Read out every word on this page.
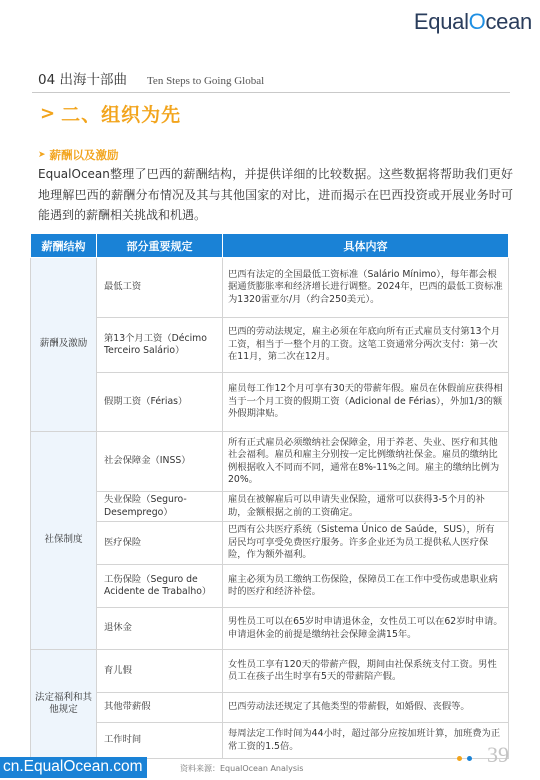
EqualOcean
04 出海十部曲 Ten Steps to Going Global
> 二、组织为先
➤ 薪酬以及激励

EqualOcean整理了巴西的薪酬结构，并提供详细的比较数据。这些数据将帮助我们更好地理解巴西的薪酬分布情况及其与其他国家的对比，进而揭示在巴西投资或开展业务时可能遇到的薪酬相关挑战和机遇。

薪酬结构	部分重要规定	具体内容
薪酬及激励	最低工资	巴西有法定的全国最低工资标准（Salário Mínimo），每年都会根据通货膨胀率和经济增长进行调整。2024年，巴西的最低工资标准为1320雷亚尔/月（约合250美元）。
	第13个月工资（Décimo Terceiro Salário）	巴西的劳动法规定，雇主必须在年底向所有正式雇员支付第13个月工资，相当于一整个月的工资。这笔工资通常分两次支付：第一次在11月，第二次在12月。
	假期工资（Férias）	雇员每工作12个月可享有30天的带薪年假。雇员在休假前应获得相当于一个月工资的假期工资（Adicional de Férias），外加1/3的额外假期津贴。
社保制度	社会保障金（INSS）	所有正式雇员必须缴纳社会保障金，用于养老、失业、医疗和其他社会福利。雇员和雇主分别按一定比例缴纳社保金。雇员的缴纳比例根据收入不同而不同，通常在8%-11%之间。雇主的缴纳比例为20%。
	失业保险（Seguro-Desemprego）	雇员在被解雇后可以申请失业保险，通常可以获得3-5个月的补助，金额根据之前的工资确定。
	医疗保险	巴西有公共医疗系统（Sistema Único de Saúde，SUS），所有居民均可享受免费医疗服务。许多企业还为员工提供私人医疗保险，作为额外福利。
	工伤保险（Seguro de Acidente de Trabalho）	雇主必须为员工缴纳工伤保险，保障员工在工作中受伤或患职业病时的医疗和经济补偿。
	退休金	男性员工可以在65岁时申请退休金，女性员工可以在62岁时申请。申请退休金的前提是缴纳社会保障金满15年。
法定福利和其他规定	育儿假	女性员工享有120天的带薪产假，期间由社保系统支付工资。男性员工在孩子出生时享有5天的带薪陪产假。
	其他带薪假	巴西劳动法还规定了其他类型的带薪假，如婚假、丧假等。
	工作时间	每周法定工作时间为44小时，超过部分应按加班计算，加班费为正常工资的1.5倍。
cn.EqualOcean.com	资料来源：EqualOcean Analysis
39
